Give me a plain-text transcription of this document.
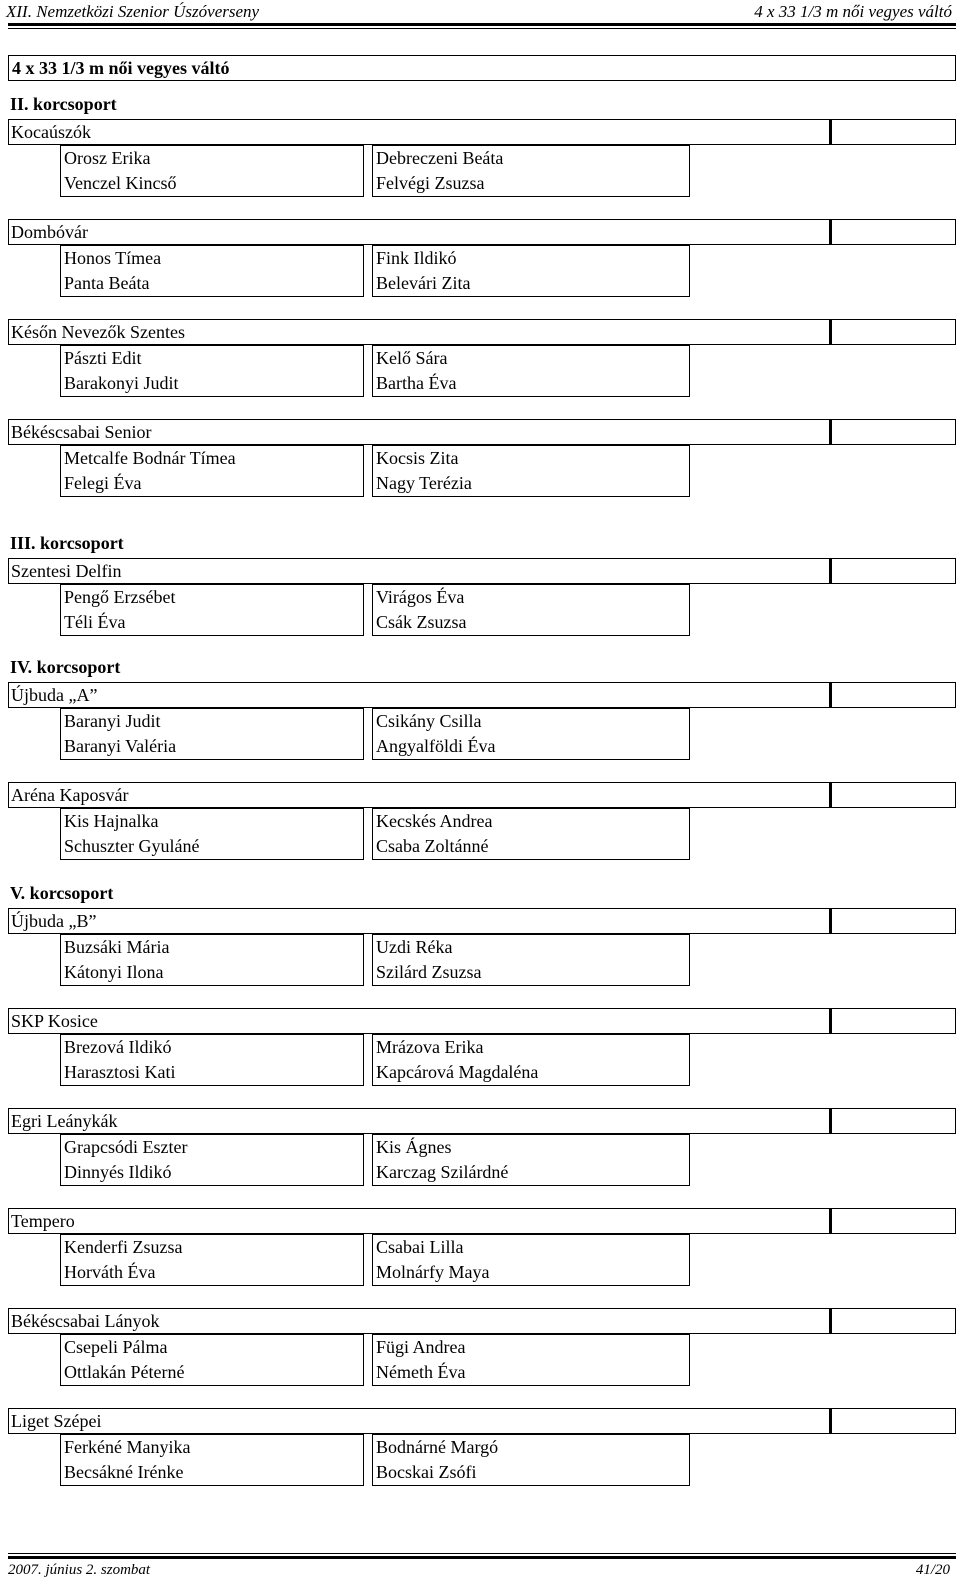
XII. Nemzetközi Szenior Úszóverseny	4 x 33 1/3 m női vegyes váltó
4 x 33 1/3 m női vegyes váltó
II. korcsoport
Kocaúszók
Orosz Erika
Venczel Kincső
Debreczeni Beáta
Felvégi Zsuzsa
Dombóvár
Honos Tímea
Panta Beáta
Fink Ildikó
Belevári Zita
Későn Nevezők Szentes
Pászti Edit
Barakonyi Judit
Kelő Sára
Bartha Éva
Békéscsabai Senior
Metcalfe Bodnár Tímea
Felegi Éva
Kocsis Zita
Nagy Terézia
III. korcsoport
Szentesi Delfin
Pengő Erzsébet
Téli Éva
Virágos Éva
Csák Zsuzsa
IV. korcsoport
Újbuda „A”
Baranyi Judit
Baranyi Valéria
Csikány Csilla
Angyalföldi Éva
Aréna Kaposvár
Kis Hajnalka
Schuszter Gyuláné
Kecskés Andrea
Csaba Zoltánné
V. korcsoport
Újbuda „B”
Buzsáki Mária
Kátonyi Ilona
Uzdi Réka
Szilárd Zsuzsa
SKP Kosice
Brezová Ildikó
Harasztosi Kati
Mrázova Erika
Kapcárová Magdaléna
Egri Leánykák
Grapcsódi Eszter
Dinnyés Ildikó
Kis Ágnes
Karczag Szilárdné
Tempero
Kenderfi Zsuzsa
Horváth Éva
Csabai Lilla
Molnárfy Maya
Békéscsabai Lányok
Csepeli Pálma
Ottlakán Péterné
Fügi Andrea
Németh Éva
Liget Szépei
Ferkéné Manyika
Becsákné Irénke
Bodnárné Margó
Bocskai Zsófi
2007. június 2. szombat	41/20
